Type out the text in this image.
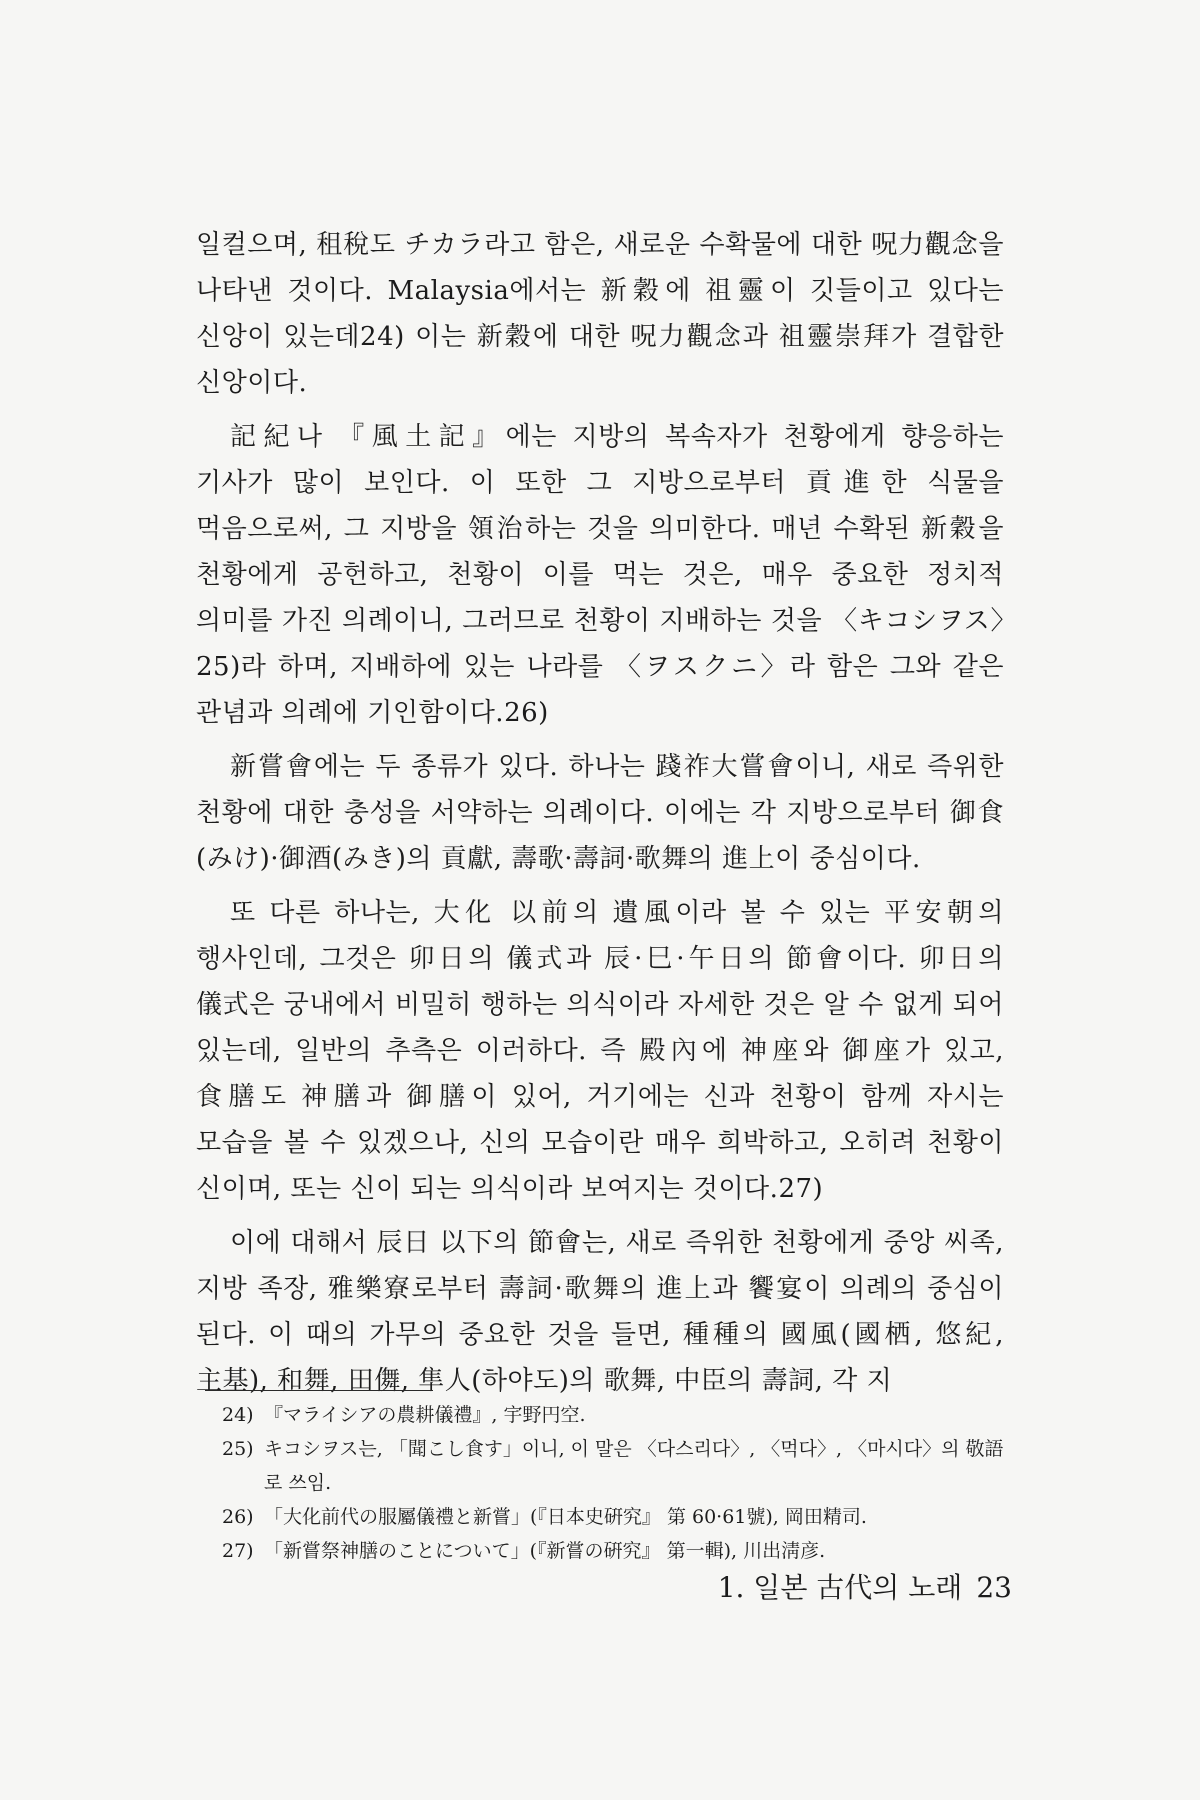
일컬으며, 租稅도 チカラ라고 함은, 새로운 수확물에 대한 呪力觀念을 나타낸 것이다. Malaysia에서는 新穀에 祖靈이 깃들이고 있다는 신앙이 있는데24) 이는 新穀에 대한 呪力觀念과 祖靈崇拜가 결합한 신앙이다.

記紀나 『風土記』에는 지방의 복속자가 천황에게 향응하는 기사가 많이 보인다. 이 또한 그 지방으로부터 貢進한 식물을 먹음으로써, 그 지방을 領治하는 것을 의미한다. 매년 수확된 新穀을 천황에게 공헌하고, 천황이 이를 먹는 것은, 매우 중요한 정치적 의미를 가진 의례이니, 그러므로 천황이 지배하는 것을 〈キコシヲス〉25)라 하며, 지배하에 있는 나라를 〈ヲスクニ〉라 함은 그와 같은 관념과 의례에 기인함이다.26)

新嘗會에는 두 종류가 있다. 하나는 踐祚大嘗會이니, 새로 즉위한 천황에 대한 충성을 서약하는 의례이다. 이에는 각 지방으로부터 御食(みけ)·御酒(みき)의 貢獻, 壽歌·壽詞·歌舞의 進上이 중심이다.

또 다른 하나는, 大化 以前의 遺風이라 볼 수 있는 平安朝의 행사인데, 그것은 卯日의 儀式과 辰·巳·午日의 節會이다. 卯日의 儀式은 궁내에서 비밀히 행하는 의식이라 자세한 것은 알 수 없게 되어 있는데, 일반의 추측은 이러하다. 즉 殿內에 神座와 御座가 있고, 食膳도 神膳과 御膳이 있어, 거기에는 신과 천황이 함께 자시는 모습을 볼 수 있겠으나, 신의 모습이란 매우 희박하고, 오히려 천황이 신이며, 또는 신이 되는 의식이라 보여지는 것이다.27)

이에 대해서 辰日 以下의 節會는, 새로 즉위한 천황에게 중앙 씨족, 지방 족장, 雅樂寮로부터 壽詞·歌舞의 進上과 饗宴이 의례의 중심이 된다. 이 때의 가무의 중요한 것을 들면, 種種의 國風(國栖, 悠紀, 主基), 和舞, 田儛, 隼人(하야도)의 歌舞, 中臣의 壽詞, 각 지

24) 『マライシアの農耕儀禮』, 宇野円空.
25) キコシヲス는, 「聞こし食す」이니, 이 말은 〈다스리다〉, 〈먹다〉, 〈마시다〉의 敬語로 쓰임.
26) 「大化前代の服屬儀禮と新嘗」(『日本史硏究』 第 60·61號), 岡田精司.
27) 「新嘗祭神膳のことについて」(『新嘗の硏究』 第一輯), 川出淸彦.
1. 일본 古代의 노래 23
